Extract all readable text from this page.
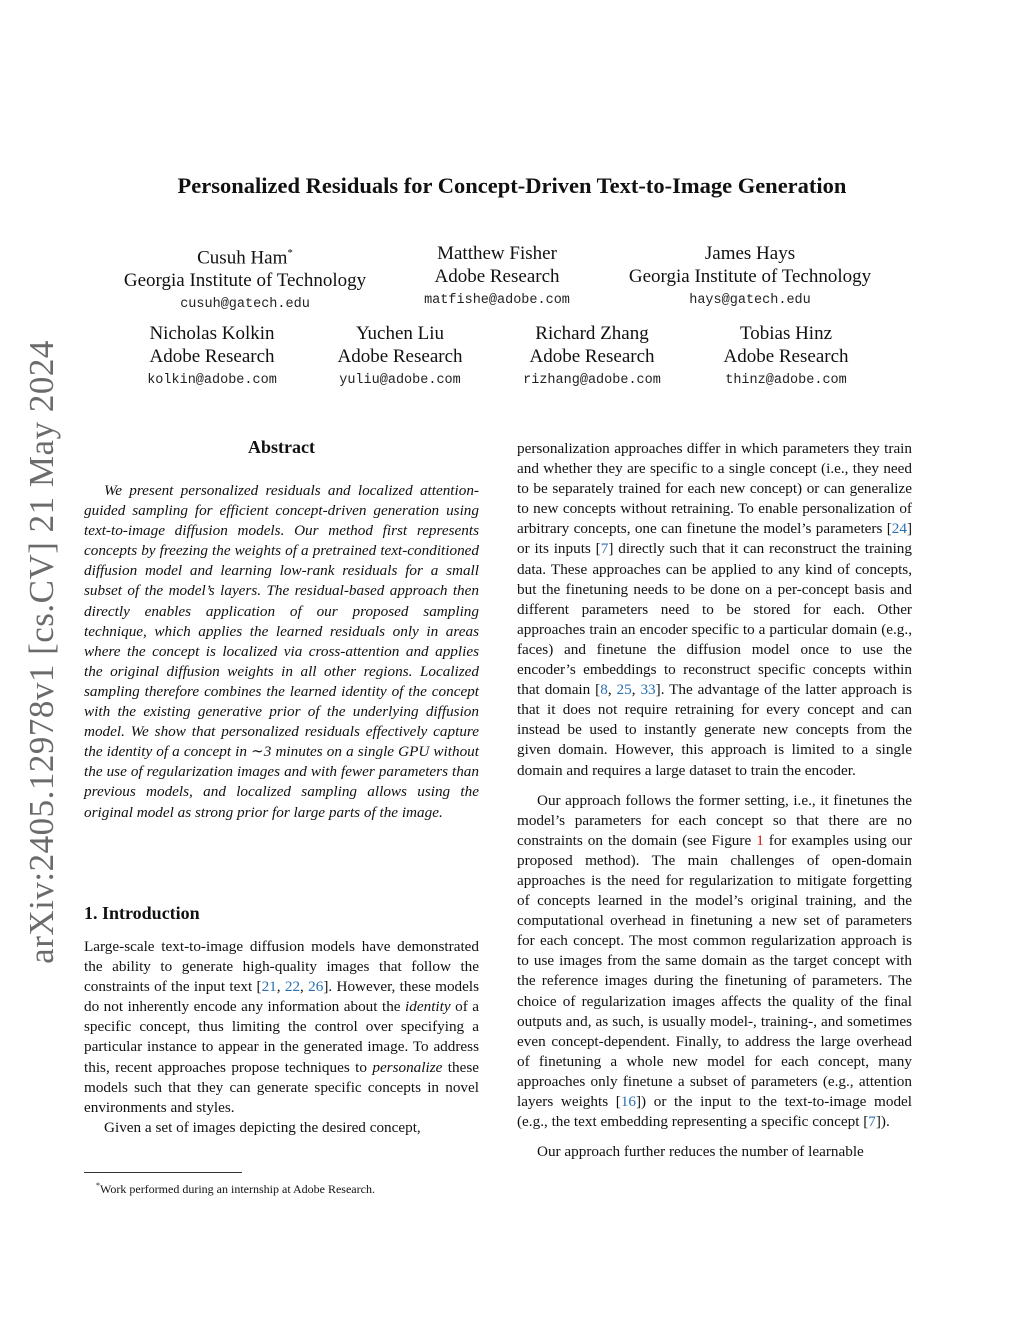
arXiv:2405.12978v1 [cs.CV] 21 May 2024
Personalized Residuals for Concept-Driven Text-to-Image Generation
Cusuh Ham*
Georgia Institute of Technology
cusuh@gatech.edu
Matthew Fisher
Adobe Research
matfishe@adobe.com
James Hays
Georgia Institute of Technology
hays@gatech.edu
Nicholas Kolkin
Adobe Research
kolkin@adobe.com
Yuchen Liu
Adobe Research
yuliu@adobe.com
Richard Zhang
Adobe Research
rizhang@adobe.com
Tobias Hinz
Adobe Research
thinz@adobe.com
Abstract

We present personalized residuals and localized attention-guided sampling for efficient concept-driven generation using text-to-image diffusion models. Our method first represents concepts by freezing the weights of a pretrained text-conditioned diffusion model and learning low-rank residuals for a small subset of the model’s layers. The residual-based approach then directly enables application of our proposed sampling technique, which applies the learned residuals only in areas where the concept is localized via cross-attention and applies the original diffusion weights in all other regions. Localized sampling therefore combines the learned identity of the concept with the existing generative prior of the underlying diffusion model. We show that personalized residuals effectively capture the identity of a concept in ∼3 minutes on a single GPU without the use of regularization images and with fewer parameters than previous models, and localized sampling allows using the original model as strong prior for large parts of the image.

1. Introduction

Large-scale text-to-image diffusion models have demonstrated the ability to generate high-quality images that follow the constraints of the input text [21, 22, 26]. However, these models do not inherently encode any information about the identity of a specific concept, thus limiting the control over specifying a particular instance to appear in the generated image. To address this, recent approaches propose techniques to personalize these models such that they can generate specific concepts in novel environments and styles.

Given a set of images depicting the desired concept,

personalization approaches differ in which parameters they train and whether they are specific to a single concept (i.e., they need to be separately trained for each new concept) or can generalize to new concepts without retraining. To enable personalization of arbitrary concepts, one can finetune the model’s parameters [24] or its inputs [7] directly such that it can reconstruct the training data. These approaches can be applied to any kind of concepts, but the finetuning needs to be done on a per-concept basis and different parameters need to be stored for each. Other approaches train an encoder specific to a particular domain (e.g., faces) and finetune the diffusion model once to use the encoder’s embeddings to reconstruct specific concepts within that domain [8, 25, 33]. The advantage of the latter approach is that it does not require retraining for every concept and can instead be used to instantly generate new concepts from the given domain. However, this approach is limited to a single domain and requires a large dataset to train the encoder.

Our approach follows the former setting, i.e., it finetunes the model’s parameters for each concept so that there are no constraints on the domain (see Figure 1 for examples using our proposed method). The main challenges of open-domain approaches is the need for regularization to mitigate forgetting of concepts learned in the model’s original training, and the computational overhead in finetuning a new set of parameters for each concept. The most common regularization approach is to use images from the same domain as the target concept with the reference images during the finetuning of parameters. The choice of regularization images affects the quality of the final outputs and, as such, is usually model-, training-, and sometimes even concept-dependent. Finally, to address the large overhead of finetuning a whole new model for each concept, many approaches only finetune a subset of parameters (e.g., attention layers weights [16]) or the input to the text-to-image model (e.g., the text embedding representing a specific concept [7]).

Our approach further reduces the number of learnable

*Work performed during an internship at Adobe Research.
